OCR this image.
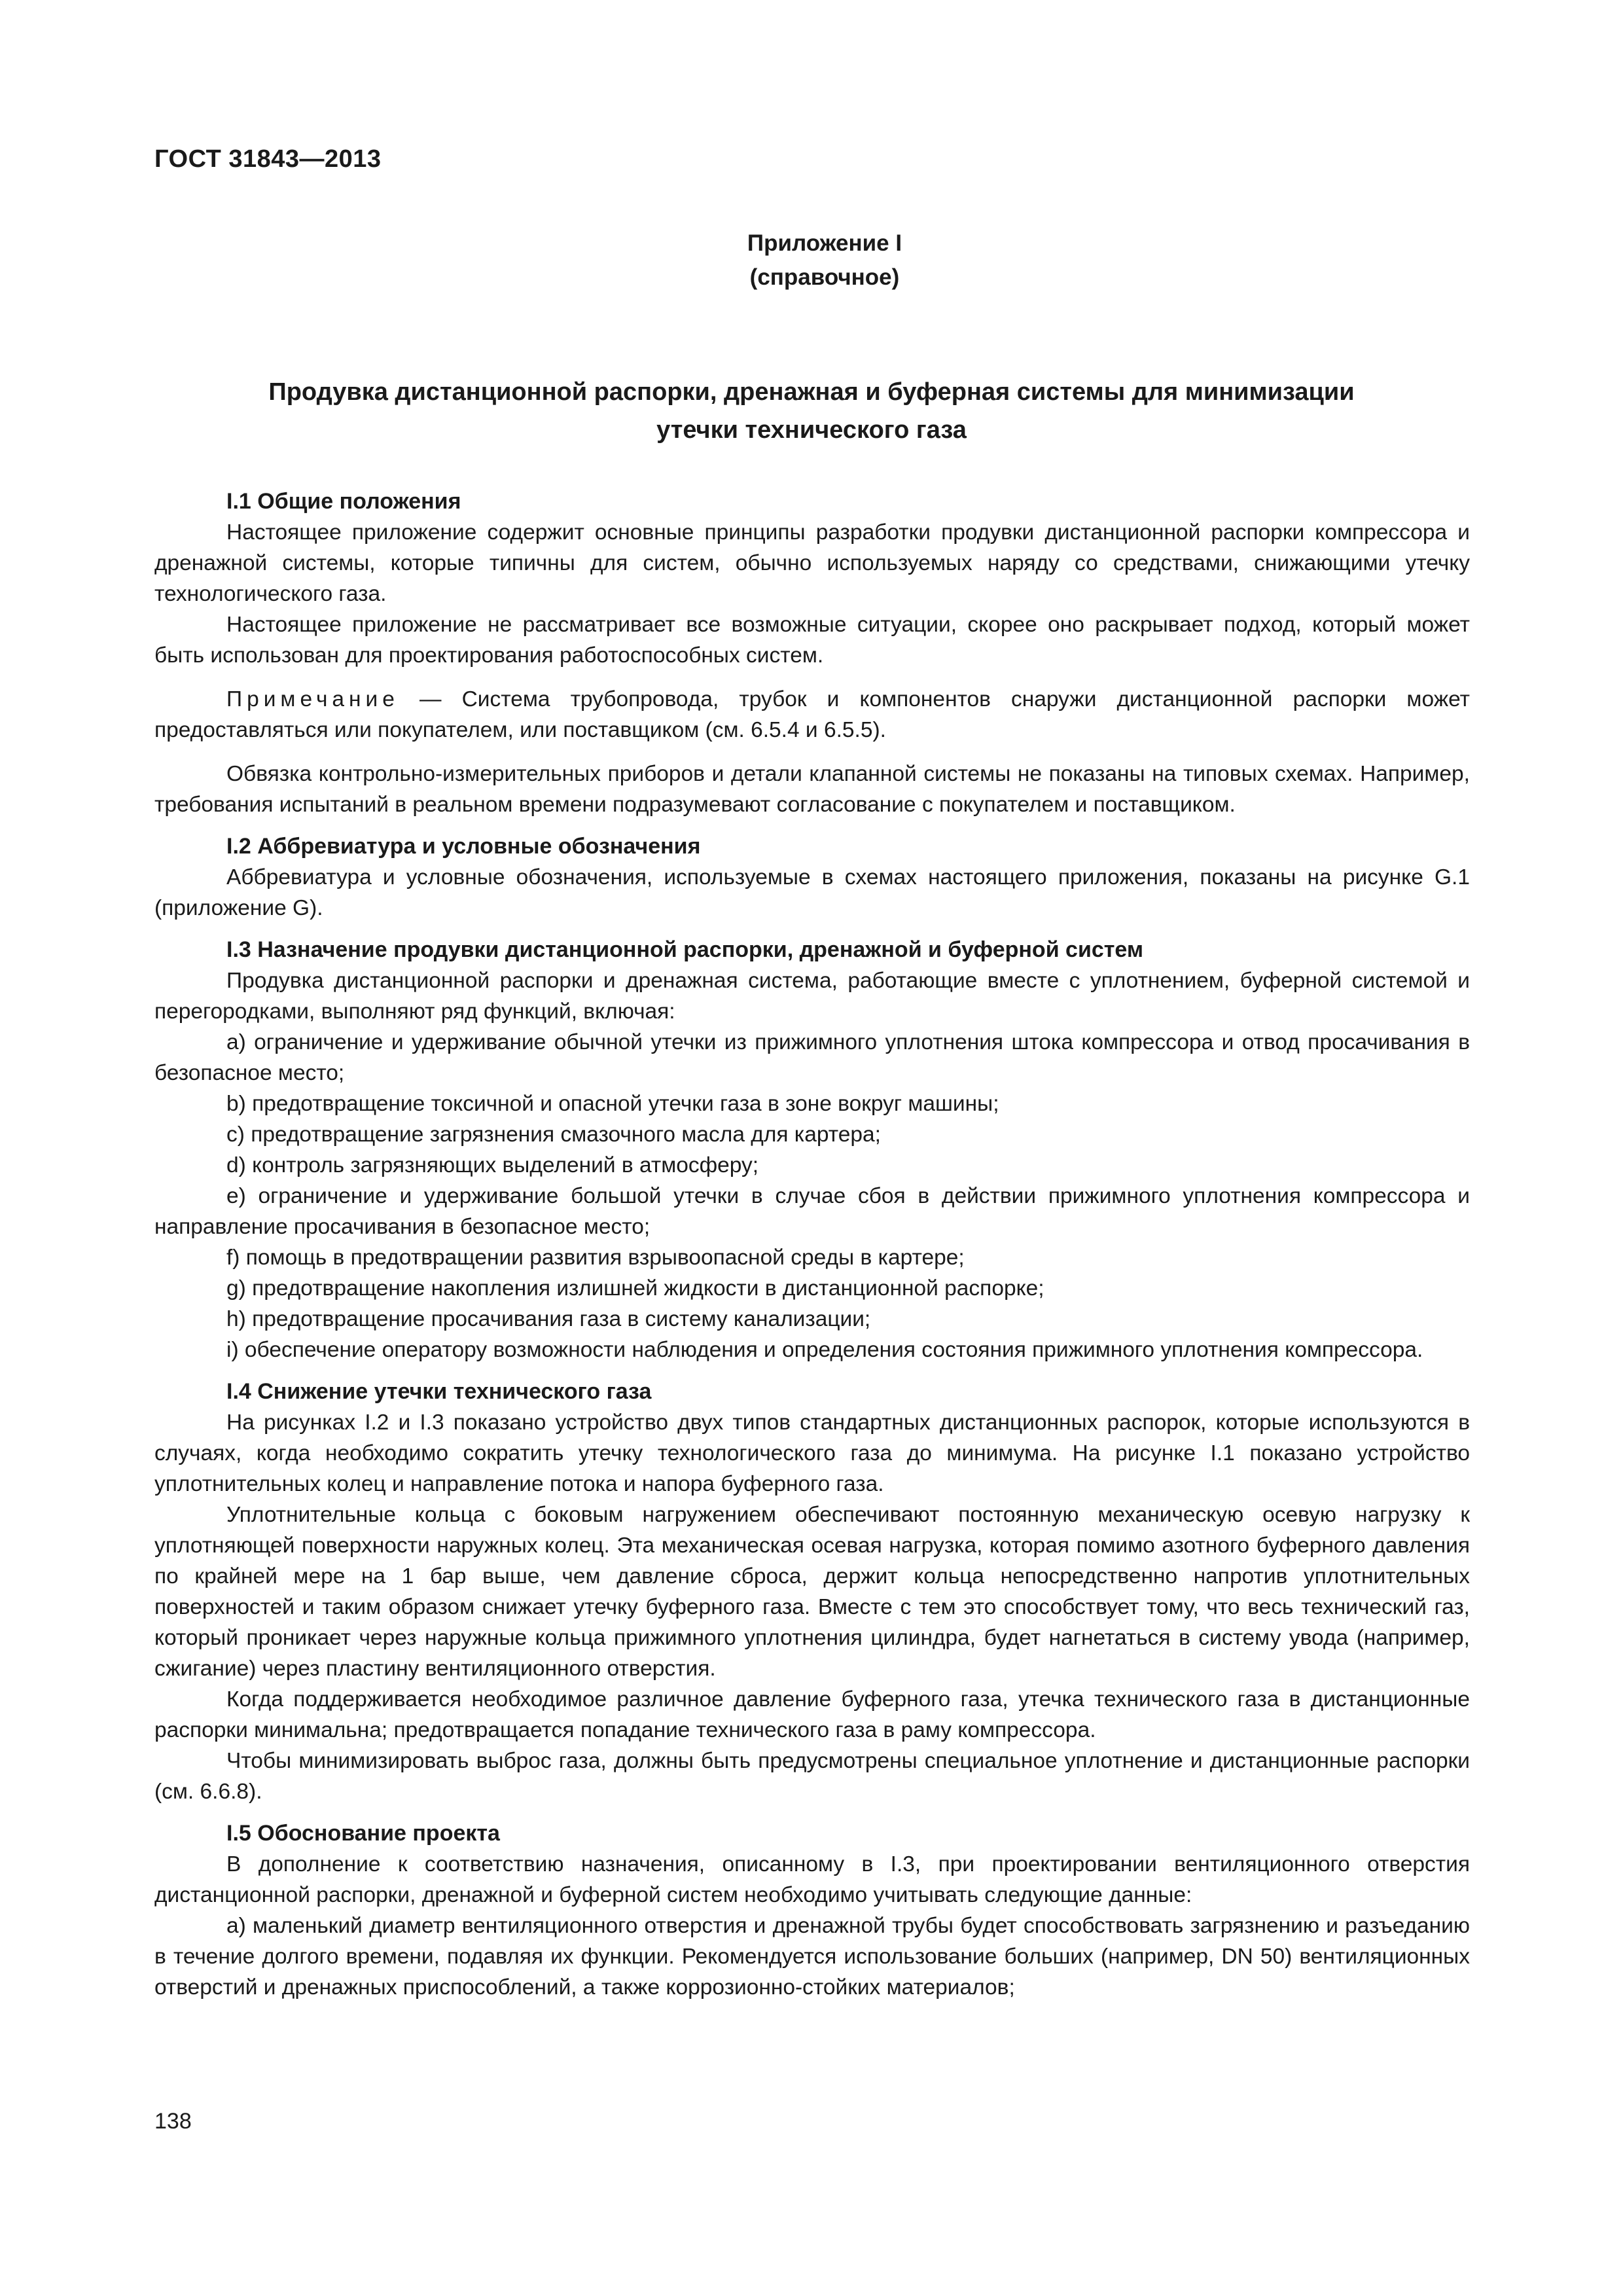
ГОСТ 31843—2013
Приложение I
(справочное)
Продувка дистанционной распорки, дренажная и буферная системы для минимизации
утечки технического газа
I.1 Общие положения

Настоящее приложение содержит основные принципы разработки продувки дистанционной распорки компрессора и дренажной системы, которые типичны для систем, обычно используемых наряду со средствами, снижающими утечку технологического газа.

Настоящее приложение не рассматривает все возможные ситуации, скорее оно раскрывает подход, который может быть использован для проектирования работоспособных систем.

Примечание — Система трубопровода, трубок и компонентов снаружи дистанционной распорки может предоставляться или покупателем, или поставщиком (см. 6.5.4 и 6.5.5).

Обвязка контрольно-измерительных приборов и детали клапанной системы не показаны на типовых схемах. Например, требования испытаний в реальном времени подразумевают согласование с покупателем и поставщиком.

I.2 Аббревиатура и условные обозначения

Аббревиатура и условные обозначения, используемые в схемах настоящего приложения, показаны на рисунке G.1 (приложение G).

I.3 Назначение продувки дистанционной распорки, дренажной и буферной систем

Продувка дистанционной распорки и дренажная система, работающие вместе с уплотнением, буферной системой и перегородками, выполняют ряд функций, включая:

a) ограничение и удерживание обычной утечки из прижимного уплотнения штока компрессора и отвод просачивания в безопасное место;

b) предотвращение токсичной и опасной утечки газа в зоне вокруг машины;

c) предотвращение загрязнения смазочного масла для картера;

d) контроль загрязняющих выделений в атмосферу;

e) ограничение и удерживание большой утечки в случае сбоя в действии прижимного уплотнения компрессора и направление просачивания в безопасное место;

f) помощь в предотвращении развития взрывоопасной среды в картере;

g) предотвращение накопления излишней жидкости в дистанционной распорке;

h) предотвращение просачивания газа в систему канализации;

i) обеспечение оператору возможности наблюдения и определения состояния прижимного уплотнения компрессора.

I.4 Снижение утечки технического газа

На рисунках I.2 и I.3 показано устройство двух типов стандартных дистанционных распорок, которые используются в случаях, когда необходимо сократить утечку технологического газа до минимума. На рисунке I.1 показано устройство уплотнительных колец и направление потока и напора буферного газа.

Уплотнительные кольца с боковым нагружением обеспечивают постоянную механическую осевую нагрузку к уплотняющей поверхности наружных колец. Эта механическая осевая нагрузка, которая помимо азотного буферного давления по крайней мере на 1 бар выше, чем давление сброса, держит кольца непосредственно напротив уплотнительных поверхностей и таким образом снижает утечку буферного газа. Вместе с тем это способствует тому, что весь технический газ, который проникает через наружные кольца прижимного уплотнения цилиндра, будет нагнетаться в систему увода (например, сжигание) через пластину вентиляционного отверстия.

Когда поддерживается необходимое различное давление буферного газа, утечка технического газа в дистанционные распорки минимальна; предотвращается попадание технического газа в раму компрессора.

Чтобы минимизировать выброс газа, должны быть предусмотрены специальное уплотнение и дистанционные распорки (см. 6.6.8).

I.5 Обоснование проекта

В дополнение к соответствию назначения, описанному в I.3, при проектировании вентиляционного отверстия дистанционной распорки, дренажной и буферной систем необходимо учитывать следующие данные:

а) маленький диаметр вентиляционного отверстия и дренажной трубы будет способствовать загрязнению и разъеданию в течение долгого времени, подавляя их функции. Рекомендуется использование больших (например, DN 50) вентиляционных отверстий и дренажных приспособлений, а также коррозионно-стойких материалов;

138
